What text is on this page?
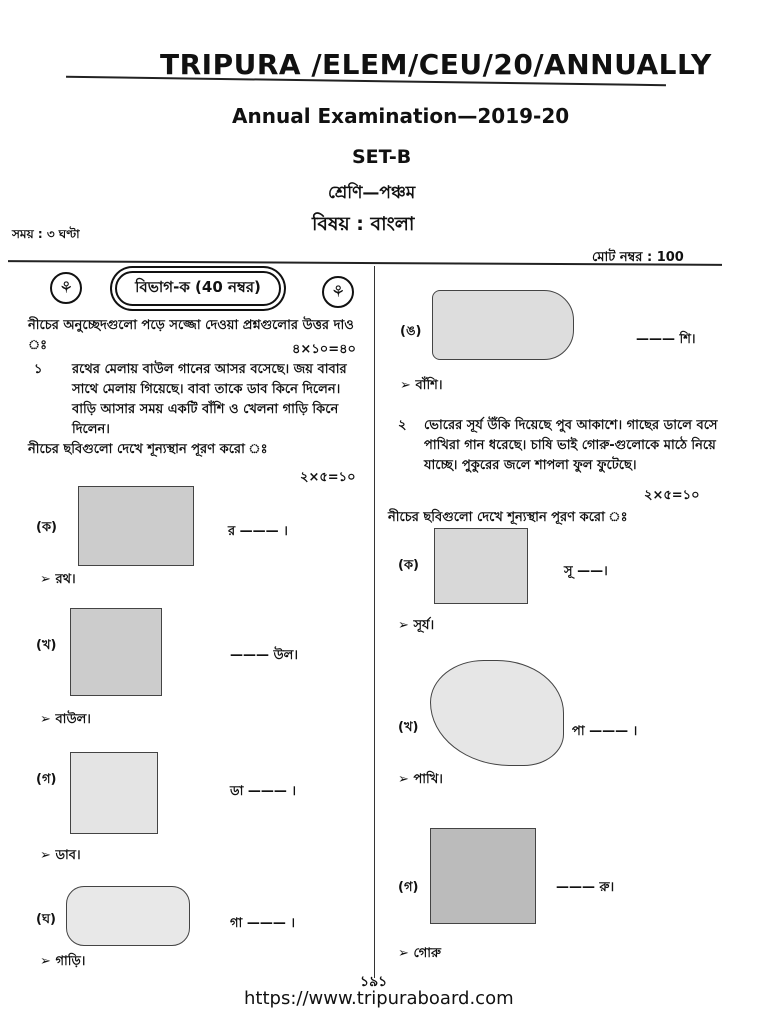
TRIPURA /ELEM/CEU/20/ANNUALLY
Annual Examination—2019-20
SET-B
শ্রেণি—পঞ্চম
বিষয় : বাংলা
সময় : ৩ ঘণ্টা
মোট নম্বর : 100
⚘	বিভাগ-ক (40 নম্বর)	⚘
নীচের অনুচ্ছেদগুলো পড়ে সজ্জো দেওয়া প্রশ্নগুলোর উত্তর দাও ঃ	৪×১০=৪০
১ রথের মেলায় বাউল গানের আসর বসেছে। জয় বাবার সাথে মেলায় গিয়েছে। বাবা তাকে ডাব কিনে দিলেন। বাড়ি আসার সময় একটি বাঁশি ও খেলনা গাড়ি কিনে দিলেন।
নীচের ছবিগুলো দেখে শূন্যস্থান পূরণ করো ঃ
২×৫=১০
(ক)	র ——— ।
➢ রথ।
(খ)
——— উল।
➢ বাউল।
(গ)
ডা ——— ।
➢ ডাব।
(ঘ)	গা ——— ।
➢ গাড়ি।
(ঙ)
——— শি।
➢ বাঁশি।
২ ভোরের সূর্য উঁকি দিয়েছে পুব আকাশে। গাছের ডালে বসে পাখিরা গান ধরেছে। চাষি ভাই গোরু-গুলোকে মাঠে নিয়ে যাচ্ছে। পুকুরের জলে শাপলা ফুল ফুটেছে।
২×৫=১০
নীচের ছবিগুলো দেখে শূন্যস্থান পূরণ করো ঃ
(ক)	সূ ——।
➢ সূর্য।
(খ)	পা ——— ।
➢ পাখি।
(গ)	——— রু।
➢ গোরু
১৯১
https://www.tripuraboard.com
